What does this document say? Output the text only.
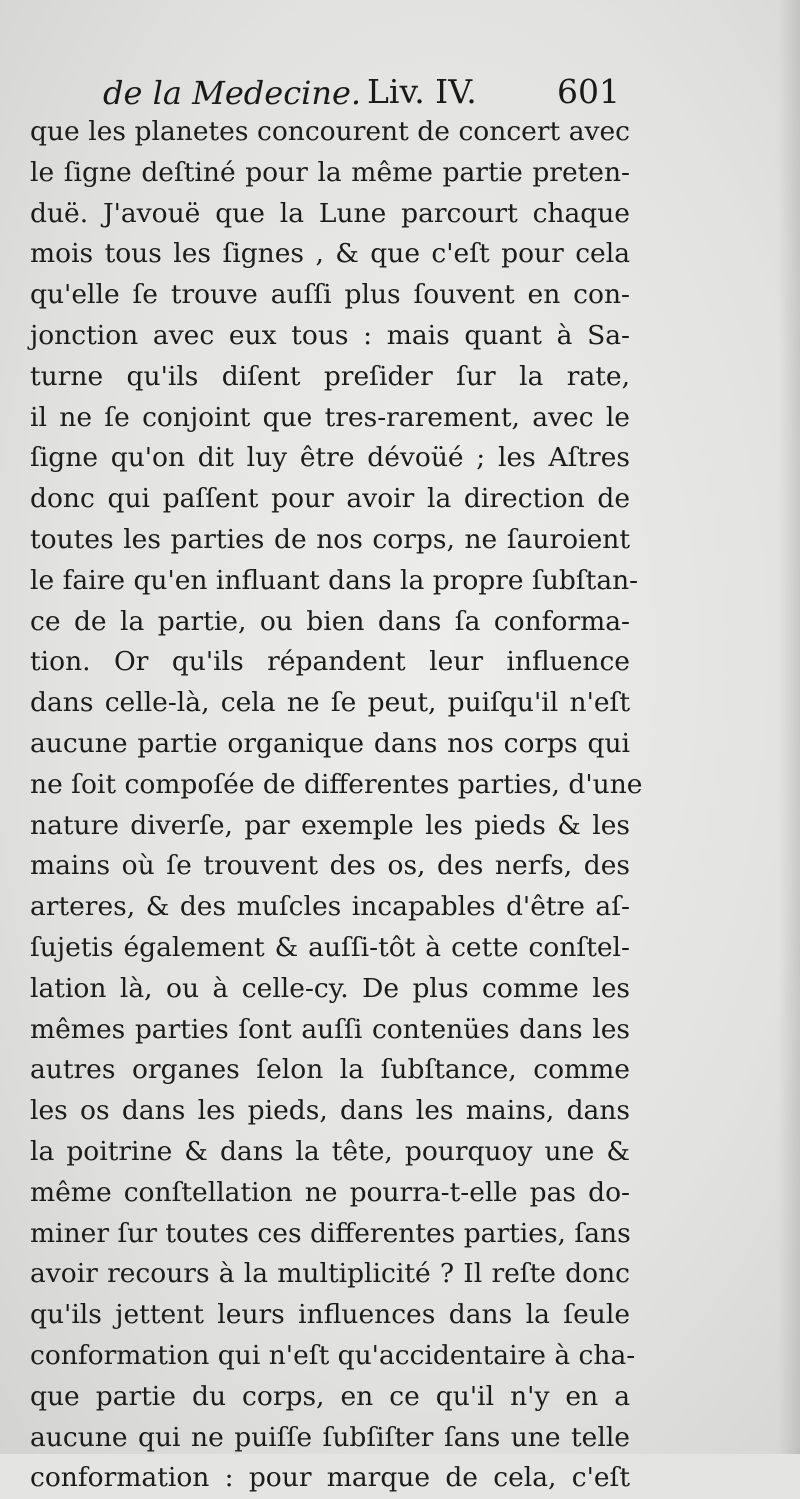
de la Medecine. Liv. IV. 601
que les planetes concourent de concert avec
le ſigne deſtiné pour la même partie preten-
duë. J'avouë que la Lune parcourt chaque
mois tous les ſignes , & que c'eſt pour cela
qu'elle ſe trouve auſſi plus ſouvent en con-
jonction avec eux tous : mais quant à Sa-
turne qu'ils diſent preſider ſur la rate,
il ne ſe conjoint que tres-rarement, avec le
ſigne qu'on dit luy être dévoüé ; les Aſtres
donc qui paſſent pour avoir la direction de
toutes les parties de nos corps, ne ſauroient
le faire qu'en influant dans la propre ſubſtan-
ce de la partie, ou bien dans ſa conforma-
tion. Or qu'ils répandent leur influence
dans celle-là, cela ne ſe peut, puiſqu'il n'eſt
aucune partie organique dans nos corps qui
ne ſoit compoſée de differentes parties, d'une
nature diverſe, par exemple les pieds & les
mains où ſe trouvent des os, des nerfs, des
arteres, & des muſcles incapables d'être aſ-
ſujetis également & auſſi-tôt à cette conſtel-
lation là, ou à celle-cy. De plus comme les
mêmes parties ſont auſſi contenües dans les
autres organes ſelon la ſubſtance, comme
les os dans les pieds, dans les mains, dans
la poitrine & dans la tête, pourquoy une &
même conſtellation ne pourra-t-elle pas do-
miner ſur toutes ces differentes parties, ſans
avoir recours à la multiplicité ? Il reſte donc
qu'ils jettent leurs influences dans la ſeule
conformation qui n'eſt qu'accidentaire à cha-
que partie du corps, en ce qu'il n'y en a
aucune qui ne puiſſe ſubſiſter ſans une telle
conformation : pour marque de cela, c'eſt
